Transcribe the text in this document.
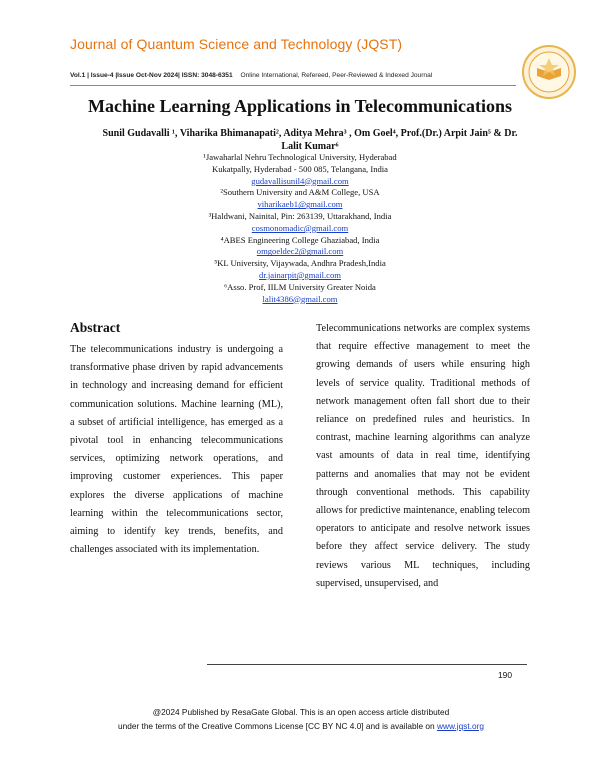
Journal of Quantum Science and Technology (JQST)
Vol.1 | Issue-4 |Issue Oct-Nov 2024| ISSN: 3048-6351 Online International, Refereed, Peer-Reviewed & Indexed Journal
Machine Learning Applications in Telecommunications
Sunil Gudavalli ¹, Viharika Bhimanapati², Aditya Mehra³ , Om Goel⁴, Prof.(Dr.) Arpit Jain⁵ & Dr. Lalit Kumar⁶
¹Jawaharlal Nehru Technological University, Hyderabad
Kukatpally, Hyderabad - 500 085, Telangana, India
gudavallisunil4@gmail.com
²Southern University and A&M College, USA
viharikaeb1@gmail.com
³Haldwani, Nainital, Pin: 263139, Uttarakhand, India
cosmonomadic@gmail.com
⁴ABES Engineering College Ghaziabad, India
omgoeldec2@gmail.com
⁵KL University, Vijaywada, Andhra Pradesh,India
dr.jainarpit@gmail.com
⁶Asso. Prof, IILM University Greater Noida
lalit4386@gmail.com
Abstract

The telecommunications industry is undergoing a transformative phase driven by rapid advancements in technology and increasing demand for efficient communication solutions. Machine learning (ML), a subset of artificial intelligence, has emerged as a pivotal tool in enhancing telecommunications services, optimizing network operations, and improving customer experiences. This paper explores the diverse applications of machine learning within the telecommunications sector, aiming to identify key trends, benefits, and challenges associated with its implementation.

Telecommunications networks are complex systems that require effective management to meet the growing demands of users while ensuring high levels of service quality. Traditional methods of network management often fall short due to their reliance on predefined rules and heuristics. In contrast, machine learning algorithms can analyze vast amounts of data in real time, identifying patterns and anomalies that may not be evident through conventional methods. This capability allows for predictive maintenance, enabling telecom operators to anticipate and resolve network issues before they affect service delivery. The study reviews various ML techniques, including supervised, unsupervised, and

190
@2024 Published by ResaGate Global. This is an open access article distributed
under the terms of the Creative Commons License [CC BY NC 4.0] and is available on www.jqst.org
